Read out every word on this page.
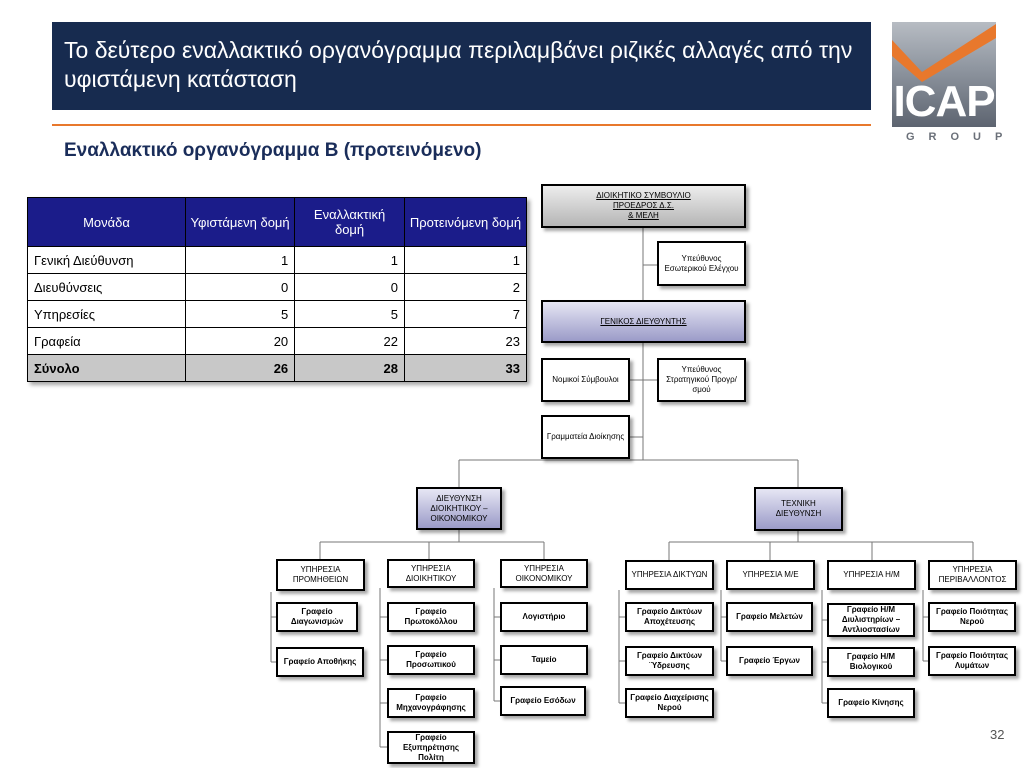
Το δεύτερο εναλλακτικό οργανόγραμμα περιλαμβάνει ριζικές αλλαγές από την υφιστάμενη κατάσταση	ICAP
GROUP
Εναλλακτικό οργανόγραμμα Β (προτεινόμενο)
Μονάδα	Υφιστάμενη δομή	Εναλλακτική δομή	Προτεινόμενη δομή
Γενική Διεύθυνση	1	1	1
Διευθύνσεις	0	0	2
Υπηρεσίες	5	5	7
Γραφεία	20	22	23
Σύνολο	26	28	33
ΔΙΟΙΚΗΤΙΚΟ ΣΥΜΒΟΥΛΙΟ
ΠΡΟΕΔΡΟΣ Δ.Σ.
& ΜΕΛΗ
Υπεύθυνος Εσωτερικού Ελέγχου
ΓΕΝΙΚΟΣ ΔΙΕΥΘΥΝΤΗΣ
Νομικοί Σύμβουλοι
Υπεύθυνος Στρατηγικού Προγρ/σμού
Γραμματεία Διοίκησης
ΔΙΕΥΘΥΝΣΗ ΔΙΟΙΚΗΤΙΚΟΥ – ΟΙΚΟΝΟΜΙΚΟΥ
ΤΕΧΝΙΚΗ ΔΙΕΥΘΥΝΣΗ
ΥΠΗΡΕΣΙΑ ΠΡΟΜΗΘΕΙΩΝ
ΥΠΗΡΕΣΙΑ ΔΙΟΙΚΗΤΙΚΟΥ
ΥΠΗΡΕΣΙΑ ΟΙΚΟΝΟΜΙΚΟΥ	ΥΠΗΡΕΣΙΑ ΔΙΚΤΥΩΝ	ΥΠΗΡΕΣΙΑ Μ/Ε	ΥΠΗΡΕΣΙΑ Η/Μ
ΥΠΗΡΕΣΙΑ ΠΕΡΙΒΑΛΛΟΝΤΟΣ
Γραφείο Διαγωνισμών
Γραφείο Αποθήκης
Γραφείο Πρωτοκόλλου
Γραφείο Προσωπικού
Γραφείο Μηχανογράφησης
Γραφείο Εξυπηρέτησης Πολίτη
Λογιστήριο
Ταμείο
Γραφείο Εσόδων
Γραφείο Δικτύων Αποχέτευσης
Γραφείο Δικτύων ¨Υδρευσης
Γραφείο Διαχείρισης Νερού
Γραφείο Μελετών
Γραφείο Έργων
Γραφείο Η/Μ Διυλιστηρίων – Αντλιοστασίων
Γραφείο Η/Μ Βιολογικού
Γραφείο Κίνησης
Γραφείο Ποιότητας Νερού
Γραφείο Ποιότητας Λυμάτων
32
